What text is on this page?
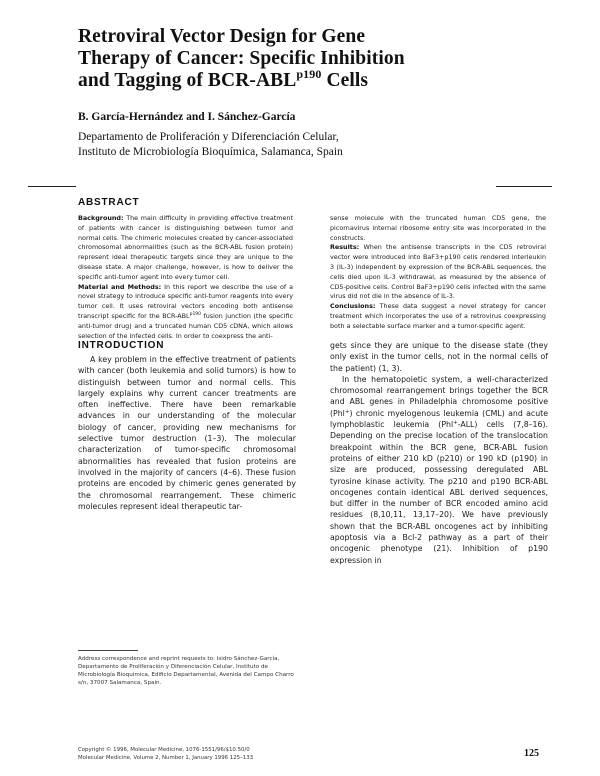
Retroviral Vector Design for Gene
Therapy of Cancer: Specific Inhibition
and Tagging of BCR-$ABL^{p190}$ Cells
B. García-Hernández and I. Sánchez-García
Departamento de Proliferación y Diferenciación Celular,
Instituto de Microbiología Bioquímica, Salamanca, Spain
ABSTRACT
Background: The main difficulty in providing effective treatment of patients with cancer is distinguishing between tumor and normal cells. The chimeric molecules created by cancer-associated chromosomal abnormalities (such as the BCR-ABL fusion protein) represent ideal therapeutic targets since they are unique to the disease state. A major challenge, however, is how to deliver the specific anti-tumor agent into every tumor cell.
Material and Methods: In this report we describe the use of a novel strategy to introduce specific anti-tumor reagents into every tumor cell. It uses retroviral vectors encoding both antisense transcript specific for the BCR-$ABL^{p190}$ fusion junction (the specific anti-tumor drug) and a truncated human CD5 cDNA, which allows selection of the infected cells. In order to coexpress the anti-
sense molecule with the truncated human CD5 gene, the picornavirus internal ribosome entry site was incorporated in the constructs.
Results: When the antisense transcripts in the CD5 retroviral vector were introduced into BaF3+p190 cells rendered interleukin 3 (IL-3) independent by expression of the BCR-ABL sequences, the cells died upon IL-3 withdrawal, as measured by the absence of CD5-positive cells. Control BaF3+p190 cells infected with the same virus did not die in the absence of IL-3.
Conclusions: These data suggest a novel strategy for cancer treatment which incorporates the use of a retrovirus coexpressing both a selectable surface marker and a tumor-specific agent.
INTRODUCTION

A key problem in the effective treatment of patients with cancer (both leukemia and solid tumors) is how to distinguish between tumor and normal cells. This largely explains why current cancer treatments are often ineffective. There have been remarkable advances in our understanding of the molecular biology of cancer, providing new mechanisms for selective tumor destruction (1–3). The molecular characterization of tumor-specific chromosomal abnormalities has revealed that fusion proteins are involved in the majority of cancers (4–6). These fusion proteins are encoded by chimeric genes generated by the chromosomal rearrangement. These chimeric molecules represent ideal therapeutic tar-

gets since they are unique to the disease state (they only exist in the tumor cells, not in the normal cells of the patient) (1, 3).

In the hematopoietic system, a well-characterized chromosomal rearrangement brings together the BCR and ABL genes in Philadelphia chromosome positive (Phl+) chronic myelogenous leukemia (CML) and acute lymphoblastic leukemia (Phl+-ALL) cells (7,8–16). Depending on the precise location of the translocation breakpoint within the BCR gene, BCR-ABL fusion proteins of either 210 kD (p210) or 190 kD (p190) in size are produced, possessing deregulated ABL tyrosine kinase activity. The p210 and p190 BCR-ABL oncogenes contain identical ABL derived sequences, but differ in the number of BCR encoded amino acid residues (8,10,11, 13,17–20). We have previously shown that the BCR-ABL oncogenes act by inhibiting apoptosis via a Bcl-2 pathway as a part of their oncogenic phenotype (21). Inhibition of p190 expression in

Address correspondence and reprint requests to: Isidro Sánchez-García, Departamento de Proliferación y Diferenciación Celular, Instituto de Microbiología Bioquímica, Edificio Departamental, Avenida del Campo Charro s/n, 37007 Salamanca, Spain.
Copyright © 1996, Molecular Medicine, 1076-1551/96/$10.50/0
Molecular Medicine, Volume 2, Number 1, January 1996 125–133	125
